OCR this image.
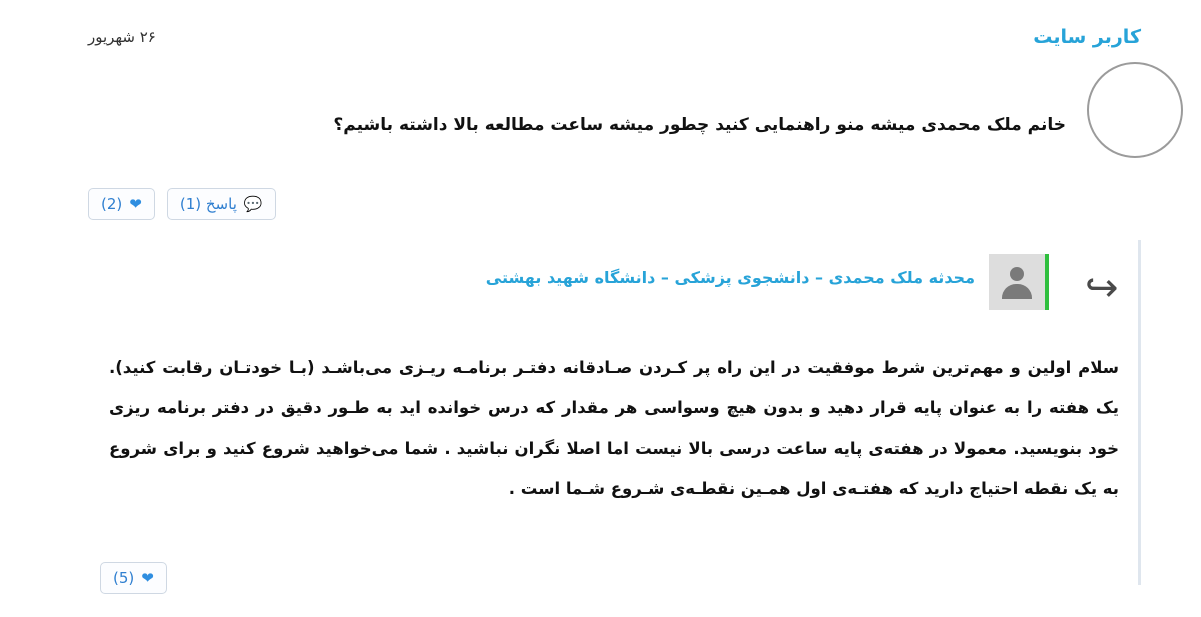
کاربر سایت
۲۶ شهریور
خانم ملک محمدی میشه منو راهنمایی کنید چطور میشه ساعت مطالعه بالا داشته باشیم؟
💬
پاسخ (1)
❤
(2)
↩
محدثه ملک محمدی – دانشجوی پزشکی – دانشگاه شهید بهشتی
سلام اولین و مهم‌ترین شرط موفقیت در این راه پر کـردن صـادقانه دفتـر برنامـه ریـزی می‌باشـد (بـا خودتـان رقابت کنید). یک هفته را به عنوان پایه قرار دهید و بدون هیچ وسواسی هر مقدار که درس خوانده اید به طـور دقیق در دفتر برنامه ریزی خود بنویسید. معمولا در هفته‌ی پایه ساعت درسی بالا نیست اما اصلا نگران نباشید . شما می‌خواهید شروع کنید و برای شروع به یک نقطه احتیاج دارید که هفتـه‌ی اول همـین نقطـه‌ی شـروع شـما است .
❤
(5)
